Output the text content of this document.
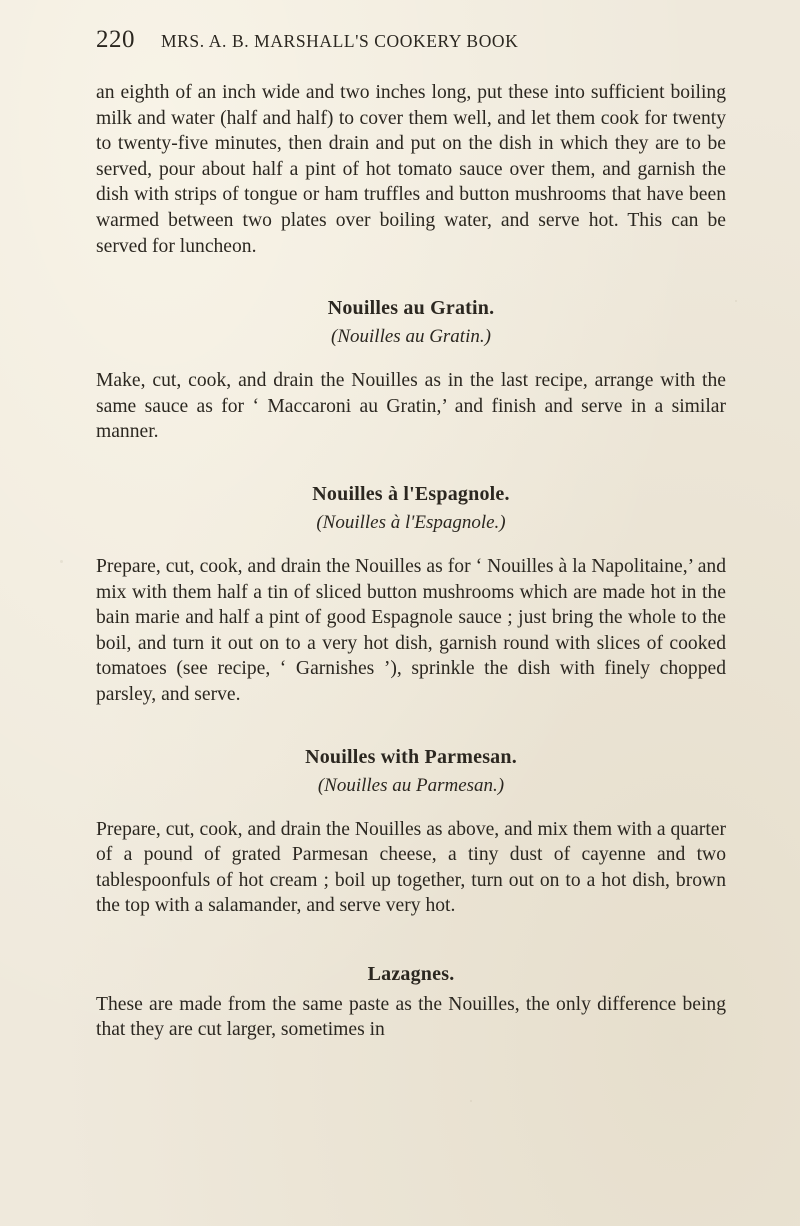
220 MRS. A. B. MARSHALL'S COOKERY BOOK

an eighth of an inch wide and two inches long, put these into sufficient boiling milk and water (half and half) to cover them well, and let them cook for twenty to twenty-five minutes, then drain and put on the dish in which they are to be served, pour about half a pint of hot tomato sauce over them, and garnish the dish with strips of tongue or ham truffles and button mushrooms that have been warmed between two plates over boiling water, and serve hot. This can be served for luncheon.

Nouilles au Gratin.
(Nouilles au Gratin.)

Make, cut, cook, and drain the Nouilles as in the last recipe, arrange with the same sauce as for ‘ Maccaroni au Gratin,’ and finish and serve in a similar manner.

Nouilles à l'Espagnole.
(Nouilles à l'Espagnole.)

Prepare, cut, cook, and drain the Nouilles as for ‘ Nouilles à la Napolitaine,’ and mix with them half a tin of sliced button mushrooms which are made hot in the bain marie and half a pint of good Espagnole sauce ; just bring the whole to the boil, and turn it out on to a very hot dish, garnish round with slices of cooked tomatoes (see recipe, ‘ Garnishes ’), sprinkle the dish with finely chopped parsley, and serve.

Nouilles with Parmesan.
(Nouilles au Parmesan.)

Prepare, cut, cook, and drain the Nouilles as above, and mix them with a quarter of a pound of grated Parmesan cheese, a tiny dust of cayenne and two tablespoonfuls of hot cream ; boil up together, turn out on to a hot dish, brown the top with a salamander, and serve very hot.

Lazagnes.

These are made from the same paste as the Nouilles, the only difference being that they are cut larger, sometimes in
